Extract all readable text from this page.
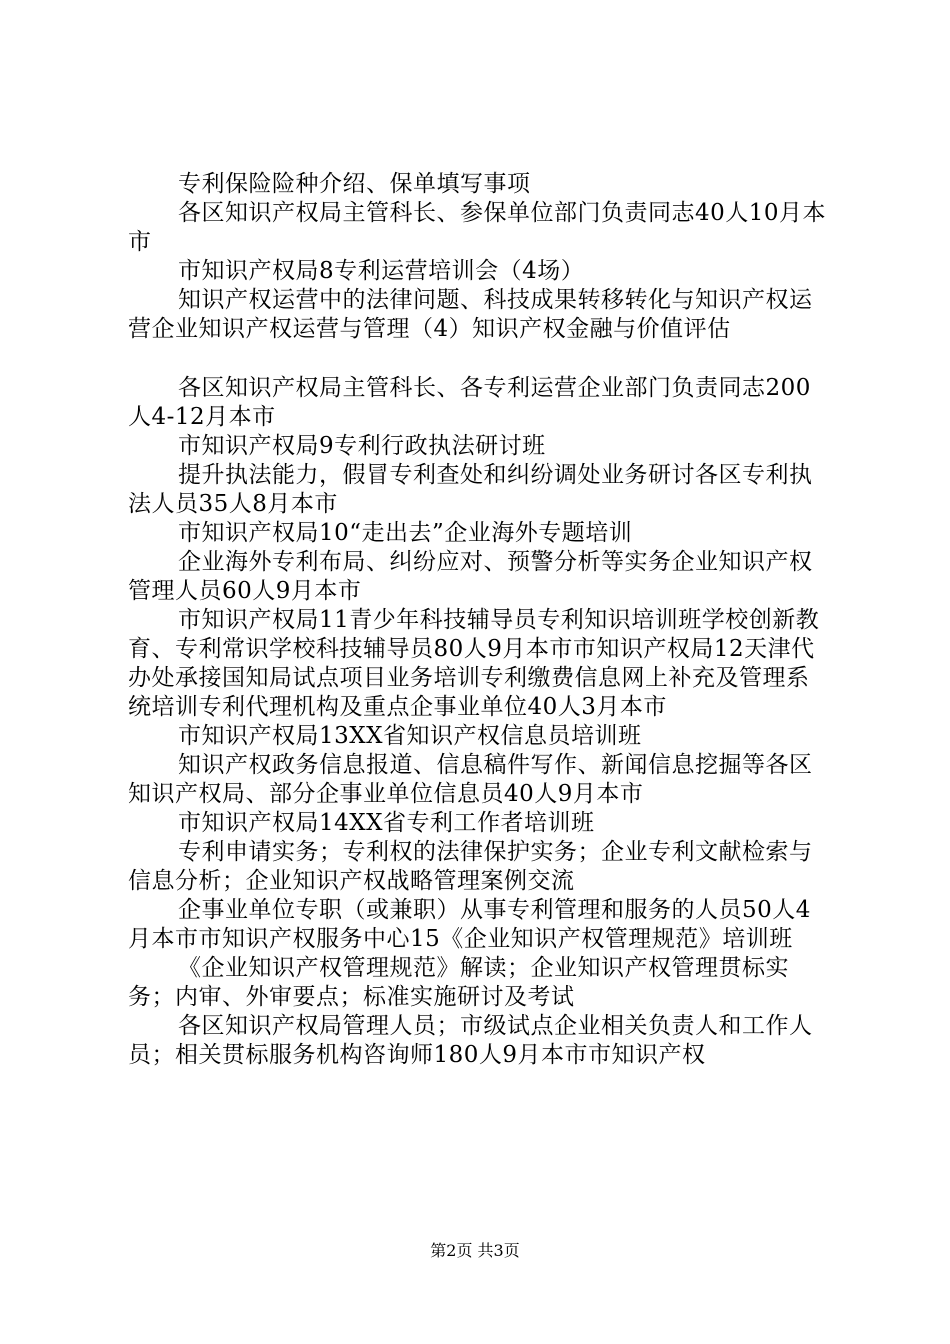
专利保险险种介绍、保单填写事项

各区知识产权局主管科长、参保单位部门负责同志40人10月本市

市知识产权局8专利运营培训会（4场）

知识产权运营中的法律问题、科技成果转移转化与知识产权运营企业知识产权运营与管理（4）知识产权金融与价值评估

各区知识产权局主管科长、各专利运营企业部门负责同志200人4-12月本市

市知识产权局9专利行政执法研讨班

提升执法能力，假冒专利查处和纠纷调处业务研讨各区专利执法人员35人8月本市

市知识产权局10“走出去”企业海外专题培训

企业海外专利布局、纠纷应对、预警分析等实务企业知识产权管理人员60人9月本市

市知识产权局11青少年科技辅导员专利知识培训班学校创新教育、专利常识学校科技辅导员80人9月本市市知识产权局12天津代办处承接国知局试点项目业务培训专利缴费信息网上补充及管理系统培训专利代理机构及重点企事业单位40人3月本市

市知识产权局13XX省知识产权信息员培训班

知识产权政务信息报道、信息稿件写作、新闻信息挖掘等各区知识产权局、部分企事业单位信息员40人9月本市

市知识产权局14XX省专利工作者培训班

专利申请实务；专利权的法律保护实务；企业专利文献检索与信息分析；企业知识产权战略管理案例交流

企事业单位专职（或兼职）从事专利管理和服务的人员50人4月本市市知识产权服务中心15《企业知识产权管理规范》培训班

《企业知识产权管理规范》解读；企业知识产权管理贯标实务；内审、外审要点；标准实施研讨及考试

各区知识产权局管理人员；市级试点企业相关负责人和工作人员；相关贯标服务机构咨询师180人9月本市市知识产权

第2页 共3页
